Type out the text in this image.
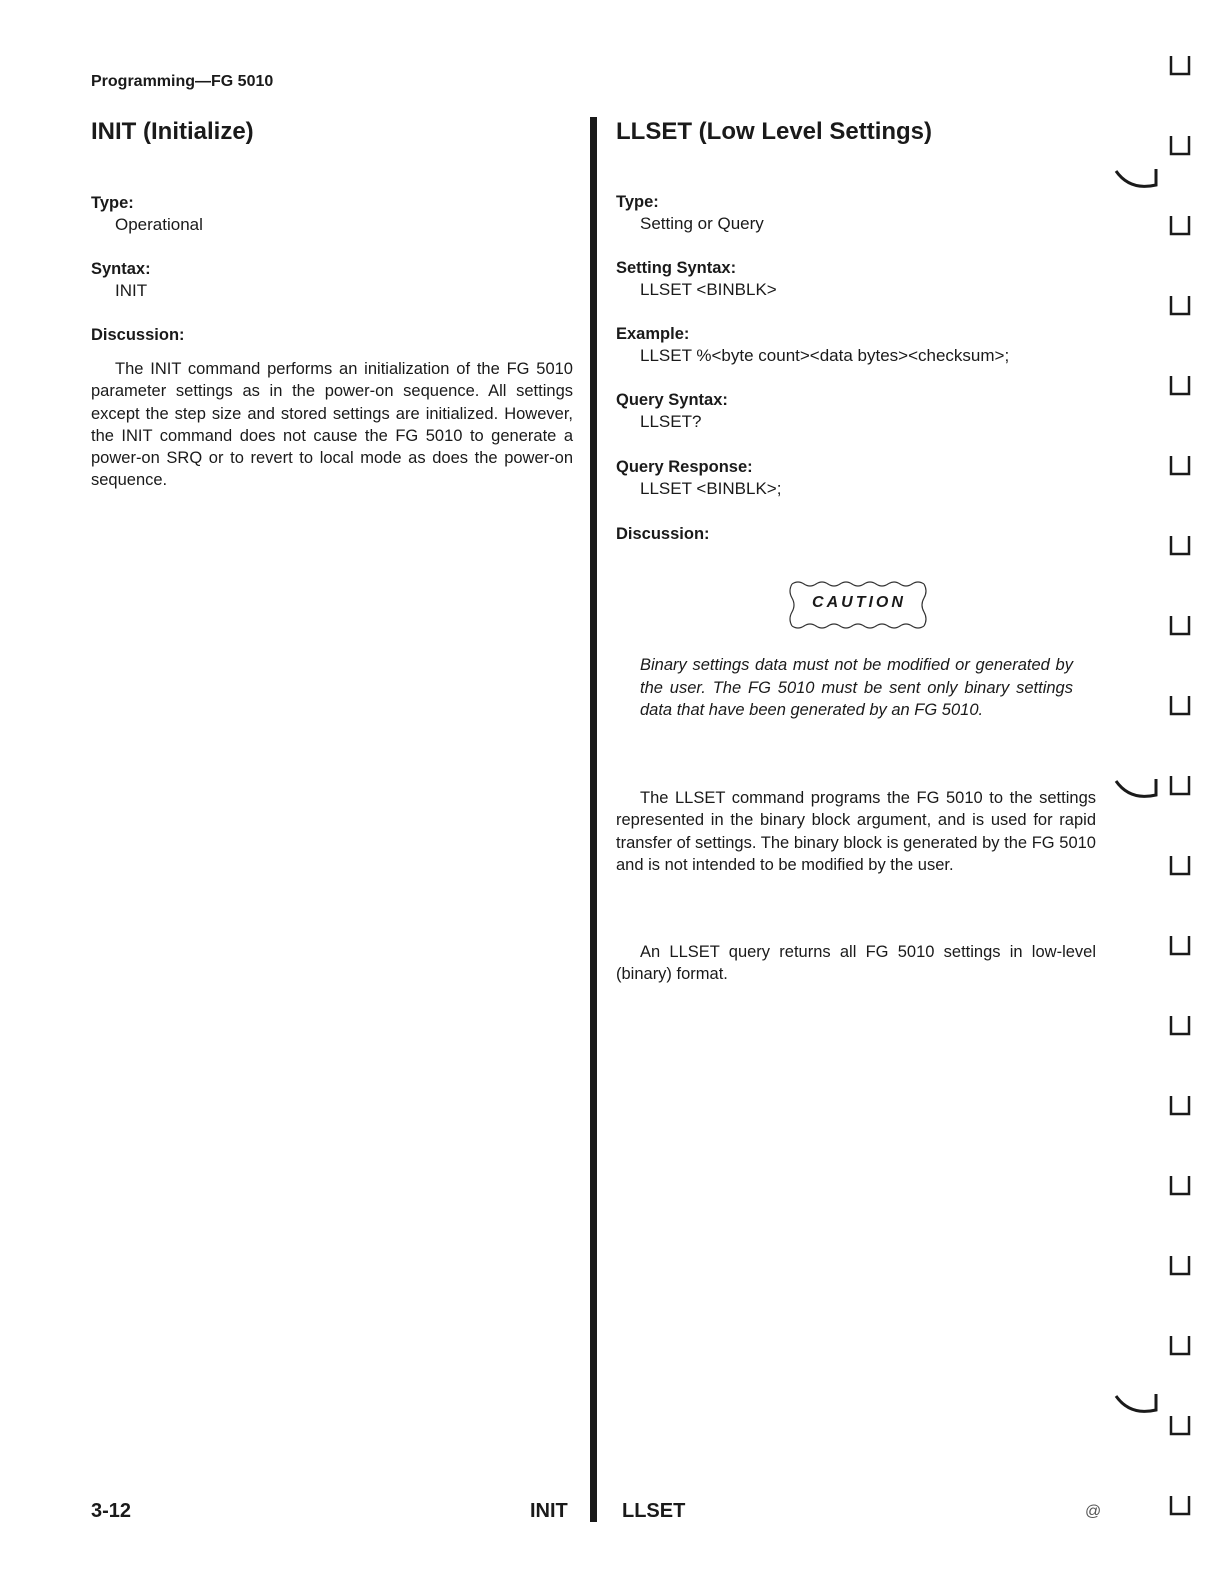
Programming—FG 5010
INIT (Initialize)
Type:
Operational
Syntax:
INIT
Discussion:
The INIT command performs an initialization of the FG 5010 parameter settings as in the power-on sequence. All settings except the step size and stored settings are initialized. However, the INIT command does not cause the FG 5010 to generate a power-on SRQ or to revert to local mode as does the power-on sequence.
LLSET (Low Level Settings)
Type:
Setting or Query
Setting Syntax:
LLSET <BINBLK>
Example:
LLSET %<byte count><data bytes><checksum>;
Query Syntax:
LLSET?
Query Response:
LLSET <BINBLK>;
Discussion:
CAUTION
Binary settings data must not be modified or generated by the user. The FG 5010 must be sent only binary settings data that have been generated by an FG 5010.
The LLSET command programs the FG 5010 to the settings represented in the binary block argument, and is used for rapid transfer of settings. The binary block is generated by the FG 5010 and is not intended to be modified by the user.
An LLSET query returns all FG 5010 settings in low-level (binary) format.
3-12	INIT	LLSET	@
